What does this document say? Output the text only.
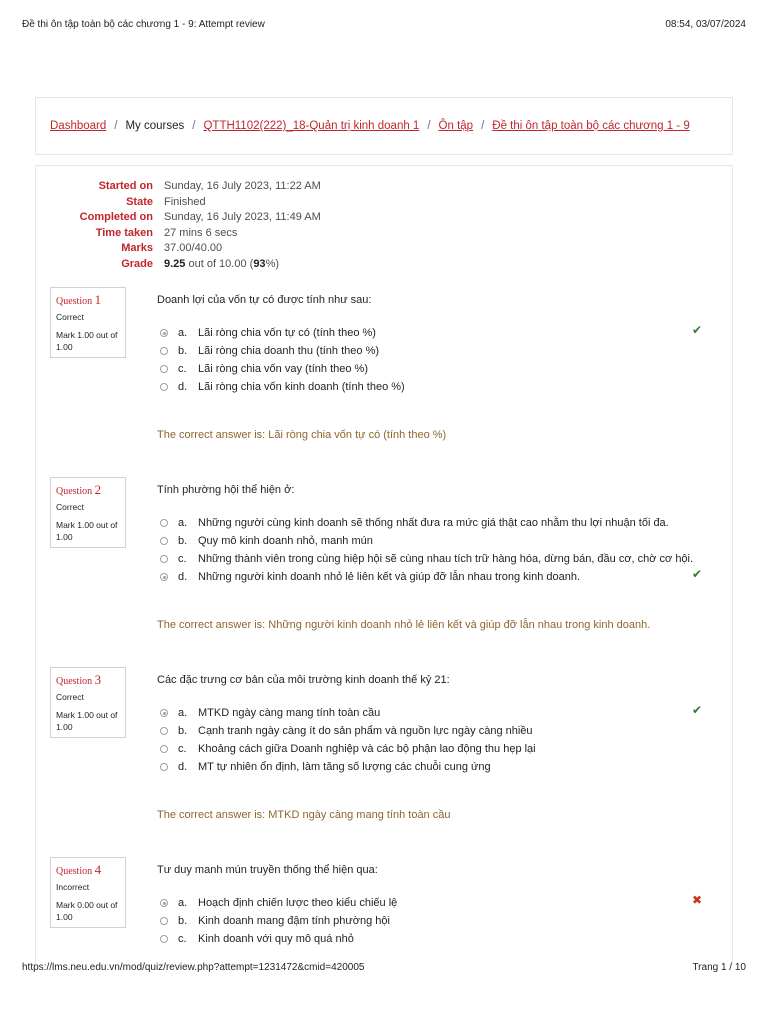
Đề thi ôn tập toàn bộ các chương 1 - 9: Attempt review	08:54, 03/07/2024
Dashboard / My courses / QTTH1102(222)_18-Quản trị kinh doanh 1 / Ôn tập / Đề thi ôn tập toàn bộ các chương 1 - 9
Started on Sunday, 16 July 2023, 11:22 AM
State Finished
Completed on Sunday, 16 July 2023, 11:49 AM
Time taken 27 mins 6 secs
Marks 37.00/40.00
Grade 9.25 out of 10.00 (93%)
Question 1
Correct
Mark 1.00 out of 1.00
Doanh lợi của vốn tự có được tính như sau:
a. Lãi ròng chia vốn tự có (tính theo %)
b. Lãi ròng chia doanh thu (tính theo %)
c.	Lãi ròng chia vốn vay (tính theo %)
d. Lãi ròng chia vốn kinh doanh (tính theo %)
✔
The correct answer is: Lãi ròng chia vốn tự có (tính theo %)
Question 2
Correct
Mark 1.00 out of 1.00
Tính phường hội thể hiện ở:
a. Những người cùng kinh doanh sẽ thống nhất đưa ra mức giá thật cao nhằm thu lợi nhuận tối đa.
b. Quy mô kinh doanh nhỏ, manh mún
c.	Những thành viên trong cùng hiệp hội sẽ cùng nhau tích trữ hàng hóa, dừng bán, đầu cơ, chờ cơ hội.
d. Những người kinh doanh nhỏ lẻ liên kết và giúp đỡ lẫn nhau trong kinh doanh.	✔
The correct answer is: Những người kinh doanh nhỏ lẻ liên kết và giúp đỡ lẫn nhau trong kinh doanh.
Question 3
Correct
Mark 1.00 out of 1.00
Các đặc trưng cơ bản của môi trường kinh doanh thế kỷ 21:
a. MTKD ngày càng mang tính toàn cầu
b. Cạnh tranh ngày càng ít do sản phẩm và nguồn lực ngày càng nhiều
c.	Khoảng cách giữa Doanh nghiệp và các bộ phận lao động thu hẹp lại
d. MT tự nhiên ổn định, làm tăng số lượng các chuỗi cung ứng
✔
The correct answer is: MTKD ngày càng mang tính toàn cầu
Question 4
Incorrect
Mark 0.00 out of 1.00
Tư duy manh mún truyền thống thể hiện qua:
a. Hoạch định chiến lược theo kiểu chiếu lệ
b. Kinh doanh mang đậm tính phường hội
c.	Kinh doanh với quy mô quá nhỏ
✖
https://lms.neu.edu.vn/mod/quiz/review.php?attempt=1231472&cmid=420005	Trang 1 / 10
